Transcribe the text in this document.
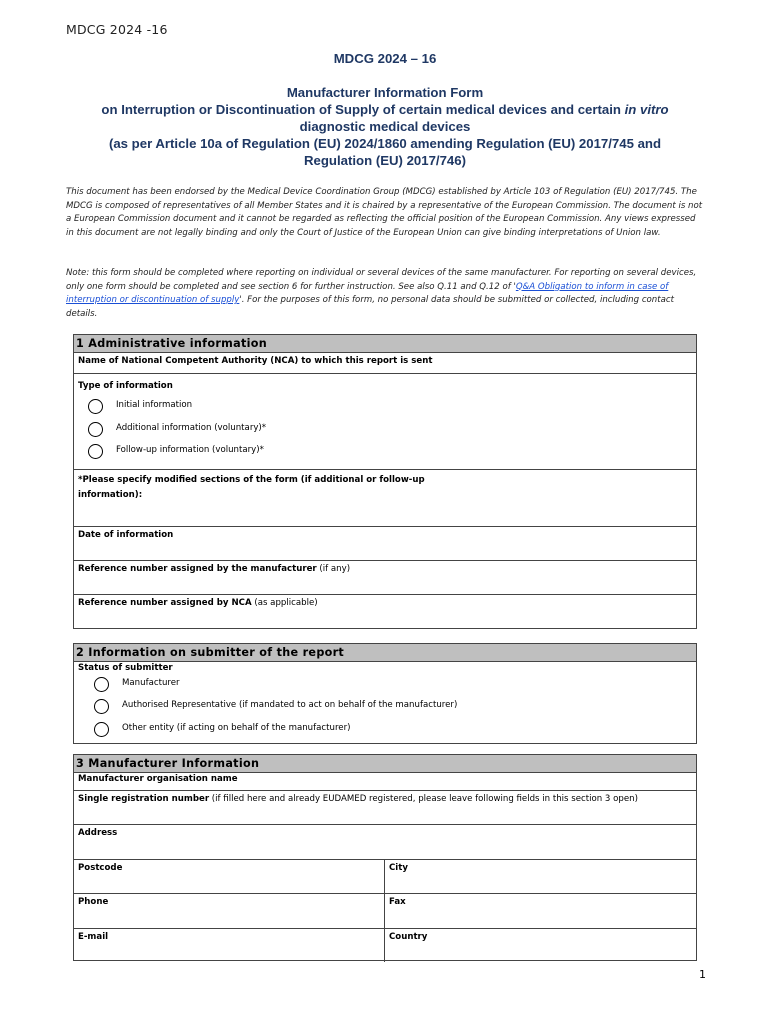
MDCG 2024 -16
MDCG 2024 – 16
Manufacturer Information Form
on Interruption or Discontinuation of Supply of certain medical devices and certain in vitro
diagnostic medical devices
(as per Article 10a of Regulation (EU) 2024/1860 amending Regulation (EU) 2017/745 and
Regulation (EU) 2017/746)
This document has been endorsed by the Medical Device Coordination Group (MDCG) established by Article 103 of Regulation (EU) 2017/745. The MDCG is composed of representatives of all Member States and it is chaired by a representative of the European Commission. The document is not a European Commission document and it cannot be regarded as reflecting the official position of the European Commission. Any views expressed in this document are not legally binding and only the Court of Justice of the European Union can give binding interpretations of Union law.
Note: this form should be completed where reporting on individual or several devices of the same manufacturer. For reporting on several devices, only one form should be completed and see section 6 for further instruction. See also Q.11 and Q.12 of 'Q&A Obligation to inform in case of interruption or discontinuation of supply'. For the purposes of this form, no personal data should be submitted or collected, including contact details.
1 Administrative information
Name of National Competent Authority (NCA) to which this report is sent
Type of information
Initial information
Additional information (voluntary)*
Follow-up information (voluntary)*
*Please specify modified sections of the form (if additional or follow-up
information):
Date of information
Reference number assigned by the manufacturer (if any)
Reference number assigned by NCA (as applicable)
2 Information on submitter of the report
Status of submitter
Manufacturer
Authorised Representative (if mandated to act on behalf of the manufacturer)
Other entity (if acting on behalf of the manufacturer)
3 Manufacturer Information
Manufacturer organisation name
Single registration number (if filled here and already EUDAMED registered, please leave following fields in this section 3 open)
Address
Postcode	City
Phone	Fax
E-mail	Country
1
